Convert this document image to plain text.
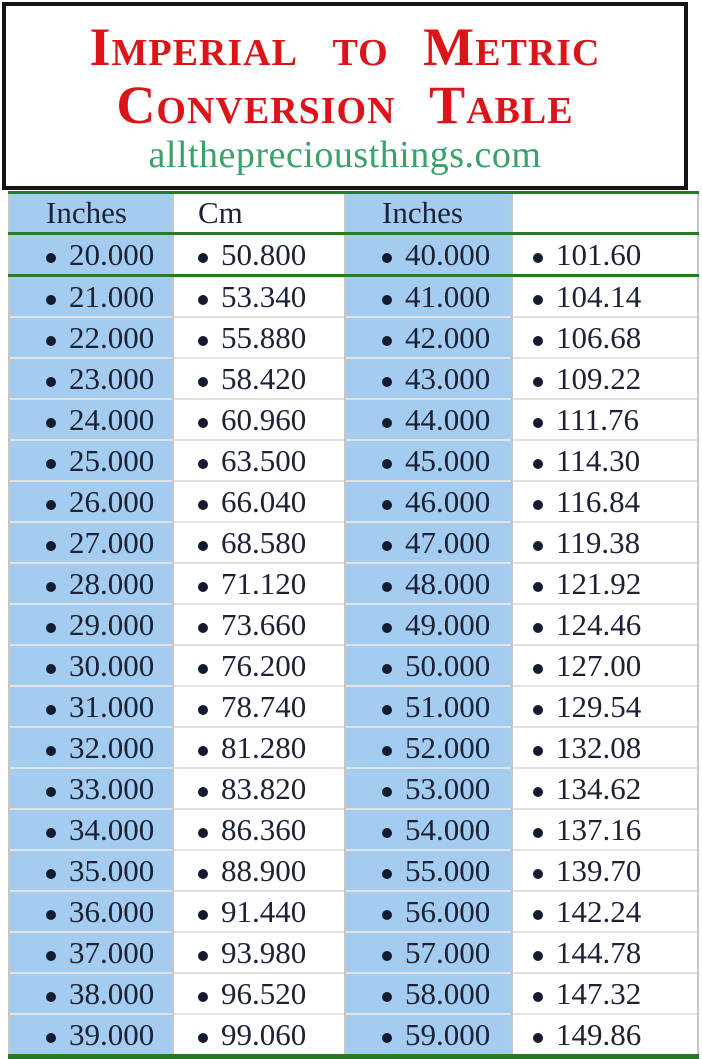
Imperial to Metric
Conversion Table
allthepreciousthings.com
Inches	Cm	Inches	
20.000	50.800	40.000	101.60
21.000	53.340	41.000	104.14
22.000	55.880	42.000	106.68
23.000	58.420	43.000	109.22
24.000	60.960	44.000	111.76
25.000	63.500	45.000	114.30
26.000	66.040	46.000	116.84
27.000	68.580	47.000	119.38
28.000	71.120	48.000	121.92
29.000	73.660	49.000	124.46
30.000	76.200	50.000	127.00
31.000	78.740	51.000	129.54
32.000	81.280	52.000	132.08
33.000	83.820	53.000	134.62
34.000	86.360	54.000	137.16
35.000	88.900	55.000	139.70
36.000	91.440	56.000	142.24
37.000	93.980	57.000	144.78
38.000	96.520	58.000	147.32
39.000	99.060	59.000	149.86
